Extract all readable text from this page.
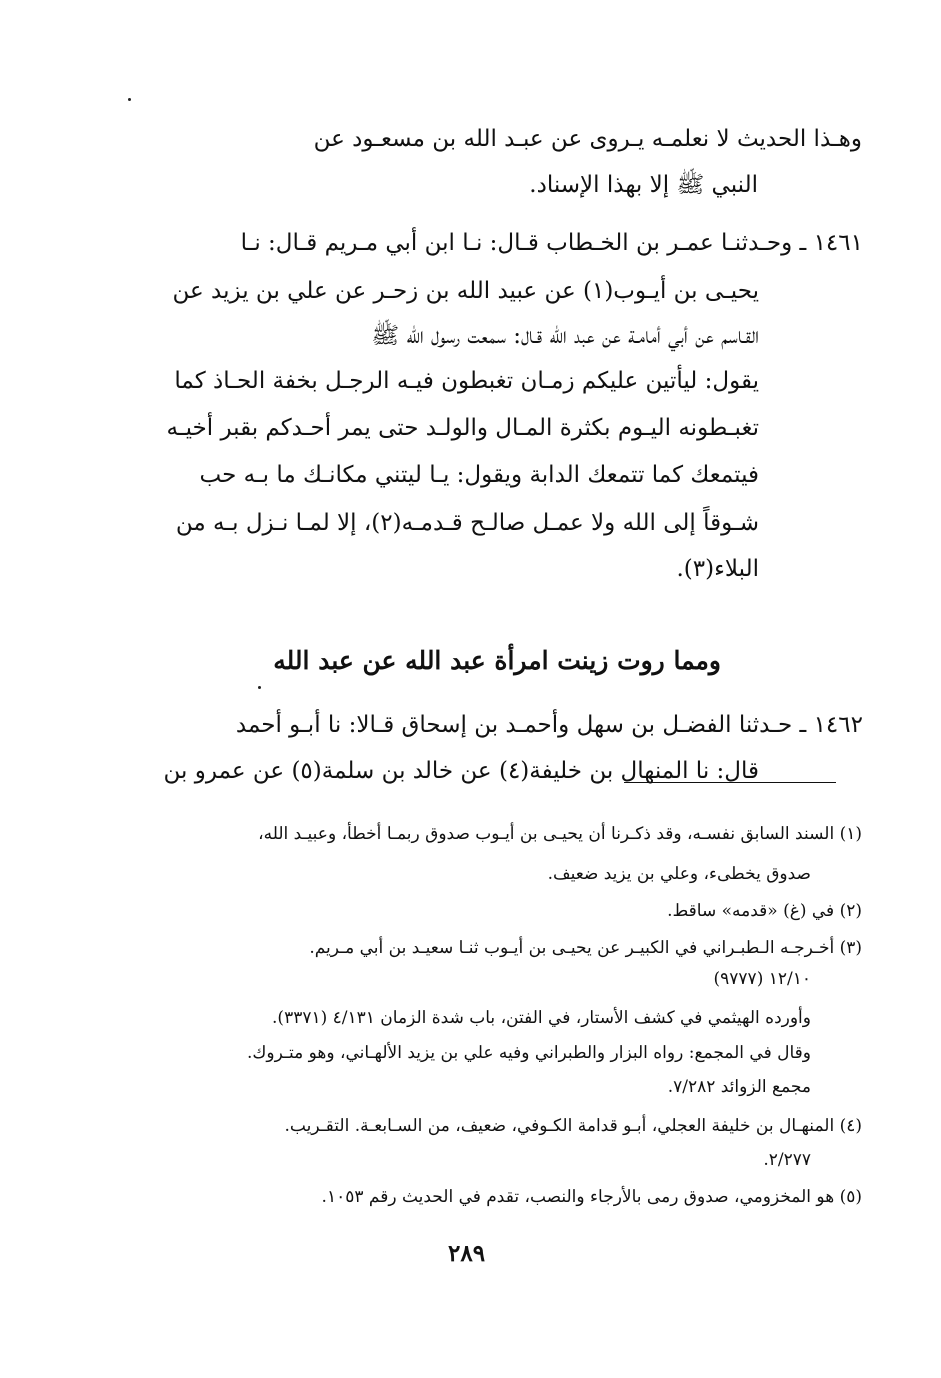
وهـذا الحديث لا نعلمـه يـروى عن عبـد الله بن مسعـود عن
النبي ﷺ إلا بهذا الإسناد.
١٤٦١ ـ وحـدثنـا عمـر بن الخـطاب قـال: نـا ابن أبي مـريم قـال: نـا
يحيـى بن أيـوب(١) عن عبيد الله بن زحـر عن علي بن يزيد عن
القـاسم عن أبي أمامـة عن عبد الله قـال: سمعت رسول الله ﷺ
يقول: ليأتين عليكم زمـان تغبطون فيـه الرجـل بخفة الحـاذ كما
تغبـطونه اليـوم بكثرة المـال والولـد حتى يمر أحـدكم بقبر أخيـه
فيتمعك كما تتمعك الدابة ويقول: يـا ليتني مكانـك ما بـه حب
شـوقاً إلى الله ولا عمـل صالـح قـدمـه(٢)، إلا لمـا نـزل بـه من
البلاء(٣).
ومما روت زينت امرأة عبد الله عن عبد الله
١٤٦٢ ـ حـدثنا الفضـل بن سهل وأحمـد بن إسحاق قـالا: نا أبـو أحمد
قال: نا المنهال بن خليفة(٤) عن خالد بن سلمة(٥) عن عمرو بن
(١) السند السابق نفسـه، وقد ذكـرنا أن يحيـى بن أيـوب صدوق ربمـا أخطأ، وعبيـد الله،
صدوق يخطىء، وعلي بن يزيد ضعيف.
(٢) في (غ) «قدمه» ساقط.
(٣) أخـرجـه الـطبـراني في الكبيـر عن يحيـى بن أيـوب ثنـا سعيـد بن أبي مـريم.
١٢/١٠ (٩٧٧٧)
وأورده الهيثمي في كشف الأستار، في الفتن، باب شدة الزمان ٤/١٣١ (٣٣٧١).
وقال في المجمع: رواه البزار والطبراني وفيه علي بن يزيد الألهـاني، وهو متـروك.
مجمع الزوائد ٧/٢٨٢.
(٤) المنهـال بن خليفة العجلي، أبـو قدامة الكـوفي، ضعيف، من السـابعـة. التقـريب.
٢/٢٧٧.
(٥) هو المخزومي، صدوق رمى بالأرجاء والنصب، تقدم في الحديث رقم ١٠٥٣.
٢٨٩
